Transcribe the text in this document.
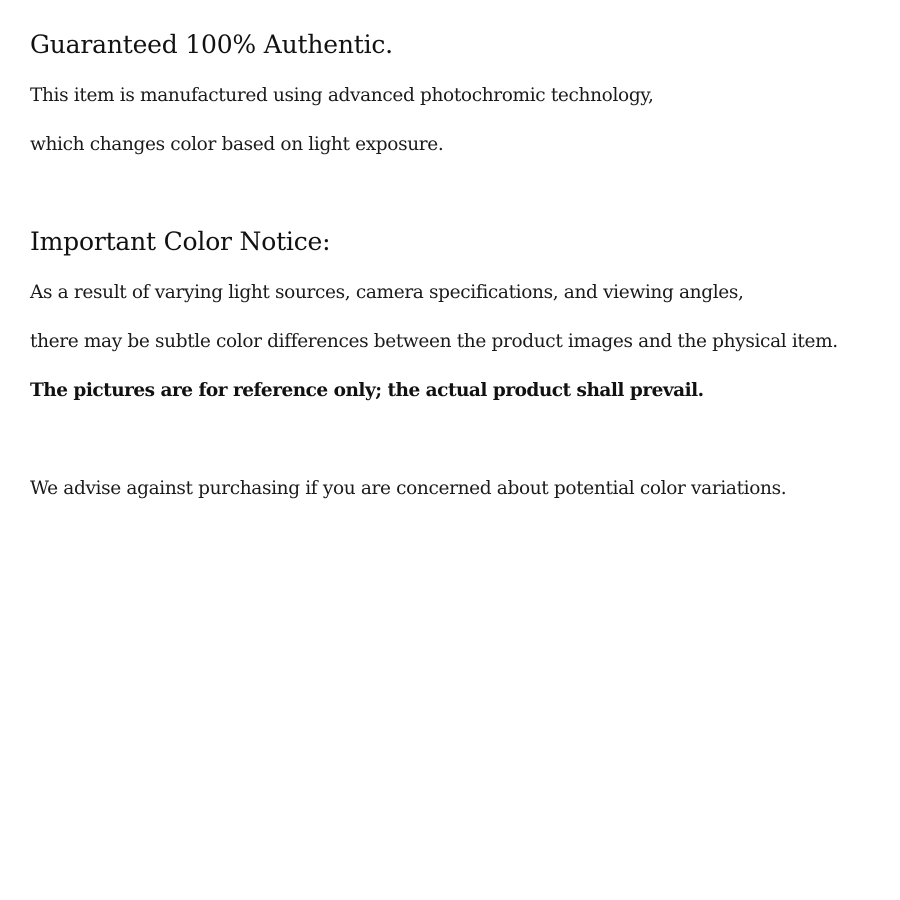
Guaranteed 100% Authentic.

This item is manufactured using advanced photochromic technology,

which changes color based on light exposure.

Important Color Notice:

As a result of varying light sources, camera specifications, and viewing angles,

there may be subtle color differences between the product images and the physical item.

The pictures are for reference only; the actual product shall prevail.

We advise against purchasing if you are concerned about potential color variations.
